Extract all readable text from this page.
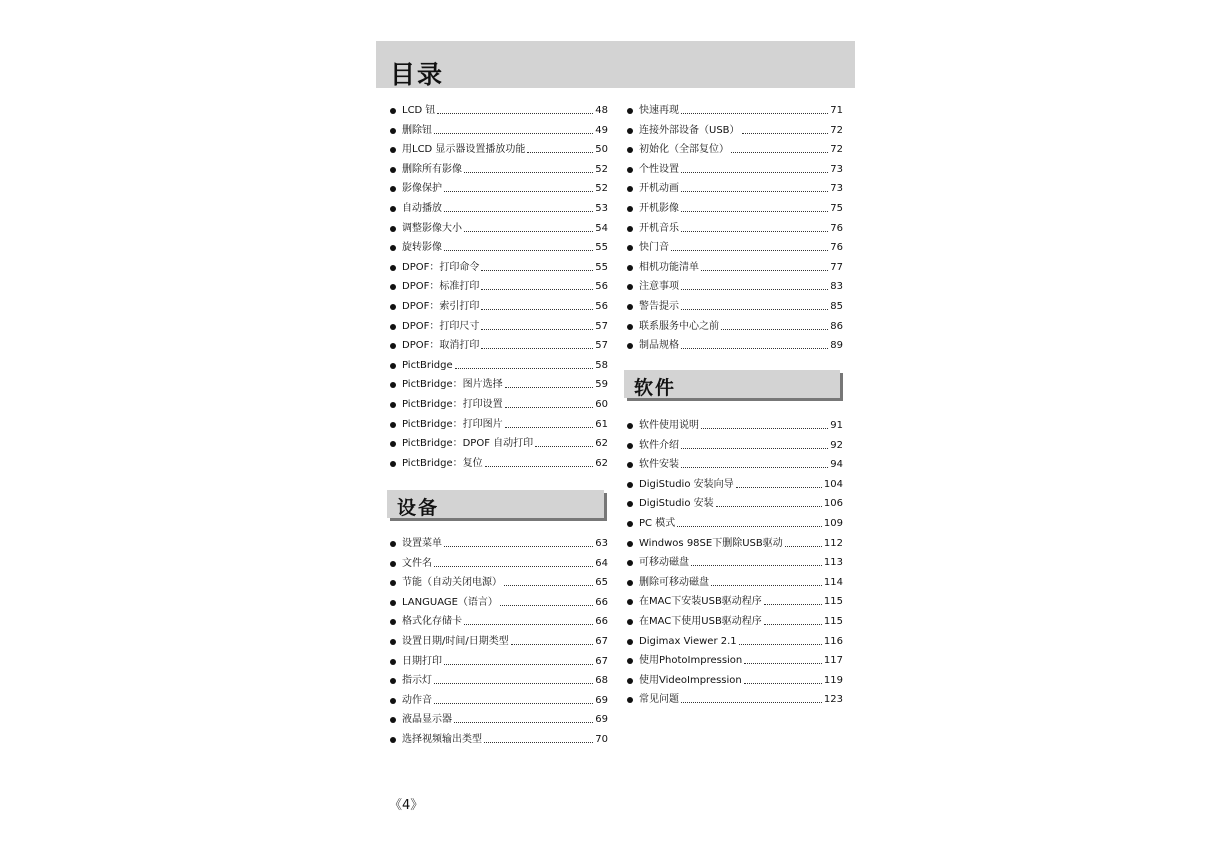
目录
LCD 钮	48
删除钮	49
用LCD 显示器设置播放功能	50
删除所有影像	52
影像保护	52
自动播放	53
调整影像大小	54
旋转影像	55
DPOF：打印命令	55
DPOF：标准打印	56
DPOF：索引打印	56
DPOF：打印尺寸	57
DPOF：取消打印	57
PictBridge	58
PictBridge：图片选择	59
PictBridge：打印设置	60
PictBridge：打印图片	61
PictBridge：DPOF 自动打印	62
PictBridge：复位	62
设备
设置菜单	63
文件名	64
节能（自动关闭电源）	65
LANGUAGE（语言）	66
格式化存储卡	66
设置日期/时间/日期类型	67
日期打印	67
指示灯	68
动作音	69
液晶显示器	69
选择视频输出类型	70
快速再现	71
连接外部设备（USB）	72
初始化（全部复位）	72
个性设置	73
开机动画	73
开机影像	75
开机音乐	76
快门音	76
相机功能清单	77
注意事项	83
警告提示	85
联系服务中心之前	86
制品规格	89
软件
软件使用说明	91
软件介绍	92
软件安装	94
DigiStudio 安装向导	104
DigiStudio 安装	106
PC 模式	109
Windwos 98SE下删除USB驱动	112
可移动磁盘	113
删除可移动磁盘	114
在MAC下安装USB驱动程序	115
在MAC下使用USB驱动程序	115
Digimax Viewer 2.1	116
使用PhotoImpression	117
使用VideoImpression	119
常见问题	123
《4》
